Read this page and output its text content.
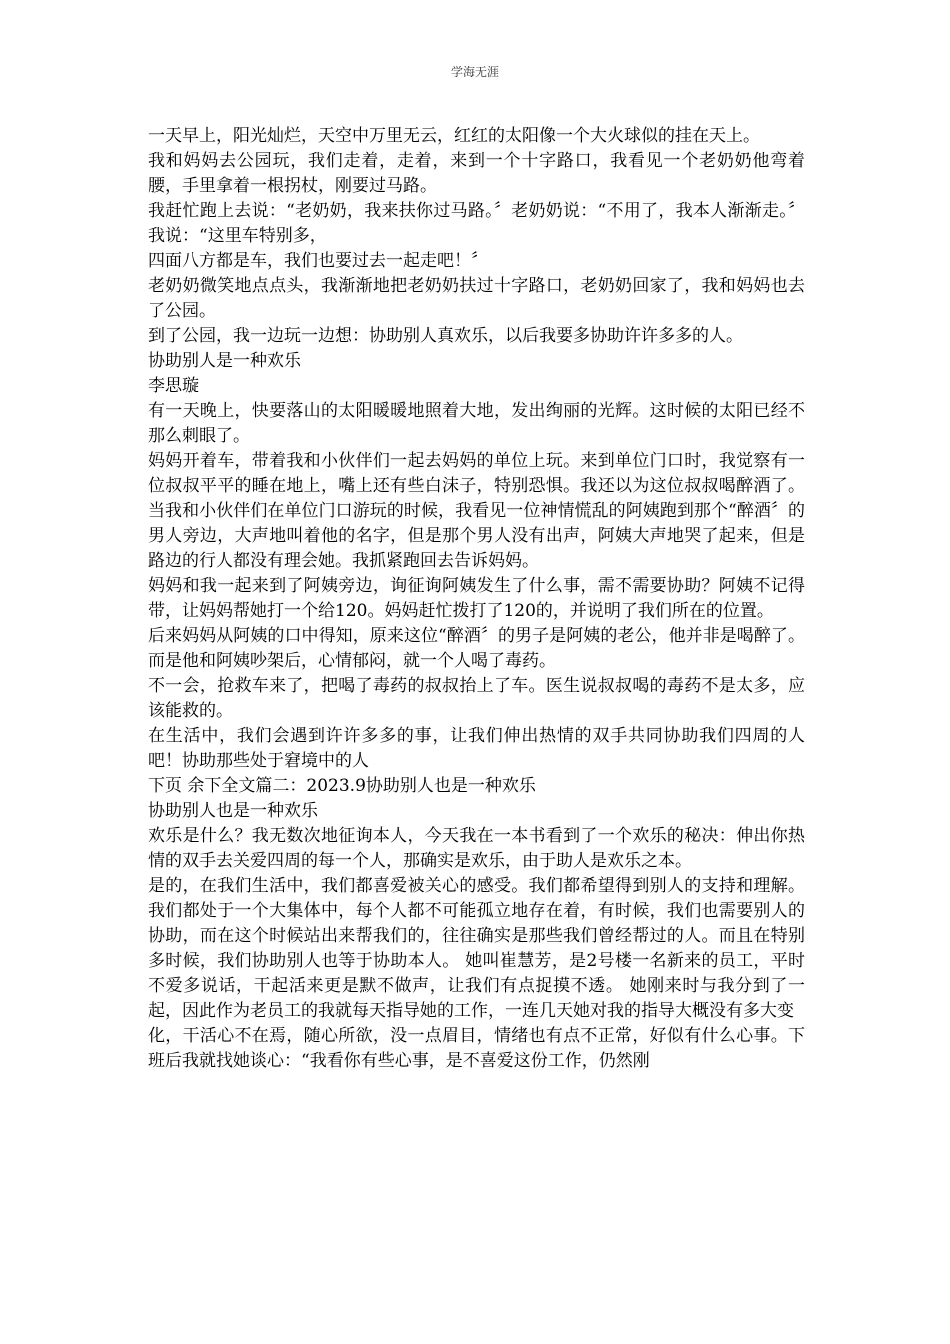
学海无涯

一天早上，阳光灿烂，天空中万里无云，红红的太阳像一个大火球似的挂在天上。

我和妈妈去公园玩，我们走着，走着，来到一个十字路口，我看见一个老奶奶他弯着腰，手里拿着一根拐杖，刚要过马路。

我赶忙跑上去说：“老奶奶，我来扶你过马路。〞老奶奶说：“不用了，我本人渐渐走。〞我说：“这里车特别多，

四面八方都是车，我们也要过去一起走吧！〞

老奶奶微笑地点点头，我渐渐地把老奶奶扶过十字路口，老奶奶回家了，我和妈妈也去了公园。

到了公园，我一边玩一边想：协助别人真欢乐，以后我要多协助许许多多的人。

协助别人是一种欢乐

李思璇

有一天晚上，快要落山的太阳暖暖地照着大地，发出绚丽的光辉。这时候的太阳已经不那么刺眼了。

妈妈开着车，带着我和小伙伴们一起去妈妈的单位上玩。来到单位门口时，我觉察有一位叔叔平平的睡在地上，嘴上还有些白沫子，特别恐惧。我还以为这位叔叔喝醉酒了。当我和小伙伴们在单位门口游玩的时候，我看见一位神情慌乱的阿姨跑到那个“醉酒〞的男人旁边，大声地叫着他的名字，但是那个男人没有出声，阿姨大声地哭了起来，但是路边的行人都没有理会她。我抓紧跑回去告诉妈妈。

妈妈和我一起来到了阿姨旁边，询征询阿姨发生了什么事，需不需要协助？阿姨不记得带，让妈妈帮她打一个给120。妈妈赶忙拨打了120的，并说明了我们所在的位置。

后来妈妈从阿姨的口中得知，原来这位“醉酒〞的男子是阿姨的老公，他并非是喝醉了。而是他和阿姨吵架后，心情郁闷，就一个人喝了毒药。

不一会，抢救车来了，把喝了毒药的叔叔抬上了车。医生说叔叔喝的毒药不是太多，应该能救的。

在生活中，我们会遇到许许多多的事，让我们伸出热情的双手共同协助我们四周的人吧！协助那些处于窘境中的人

下页 余下全文篇二：2023.9协助别人也是一种欢乐

协助别人也是一种欢乐

欢乐是什么？我无数次地征询本人，今天我在一本书看到了一个欢乐的秘决：伸出你热情的双手去关爱四周的每一个人，那确实是欢乐，由于助人是欢乐之本。

是的，在我们生活中，我们都喜爱被关心的感受。我们都希望得到别人的支持和理解。我们都处于一个大集体中，每个人都不可能孤立地存在着，有时候，我们也需要别人的协助，而在这个时候站出来帮我们的，往往确实是那些我们曾经帮过的人。而且在特别多时候，我们协助别人也等于协助本人。 她叫崔慧芳，是2号楼一名新来的员工，平时不爱多说话，干起活来更是默不做声，让我们有点捉摸不透。 她刚来时与我分到了一起，因此作为老员工的我就每天指导她的工作，一连几天她对我的指导大概没有多大变

化，干活心不在焉，随心所欲，没一点眉目，情绪也有点不正常，好似有什么心事。下班后我就找她谈心：“我看你有些心事，是不喜爱这份工作，仍然刚
